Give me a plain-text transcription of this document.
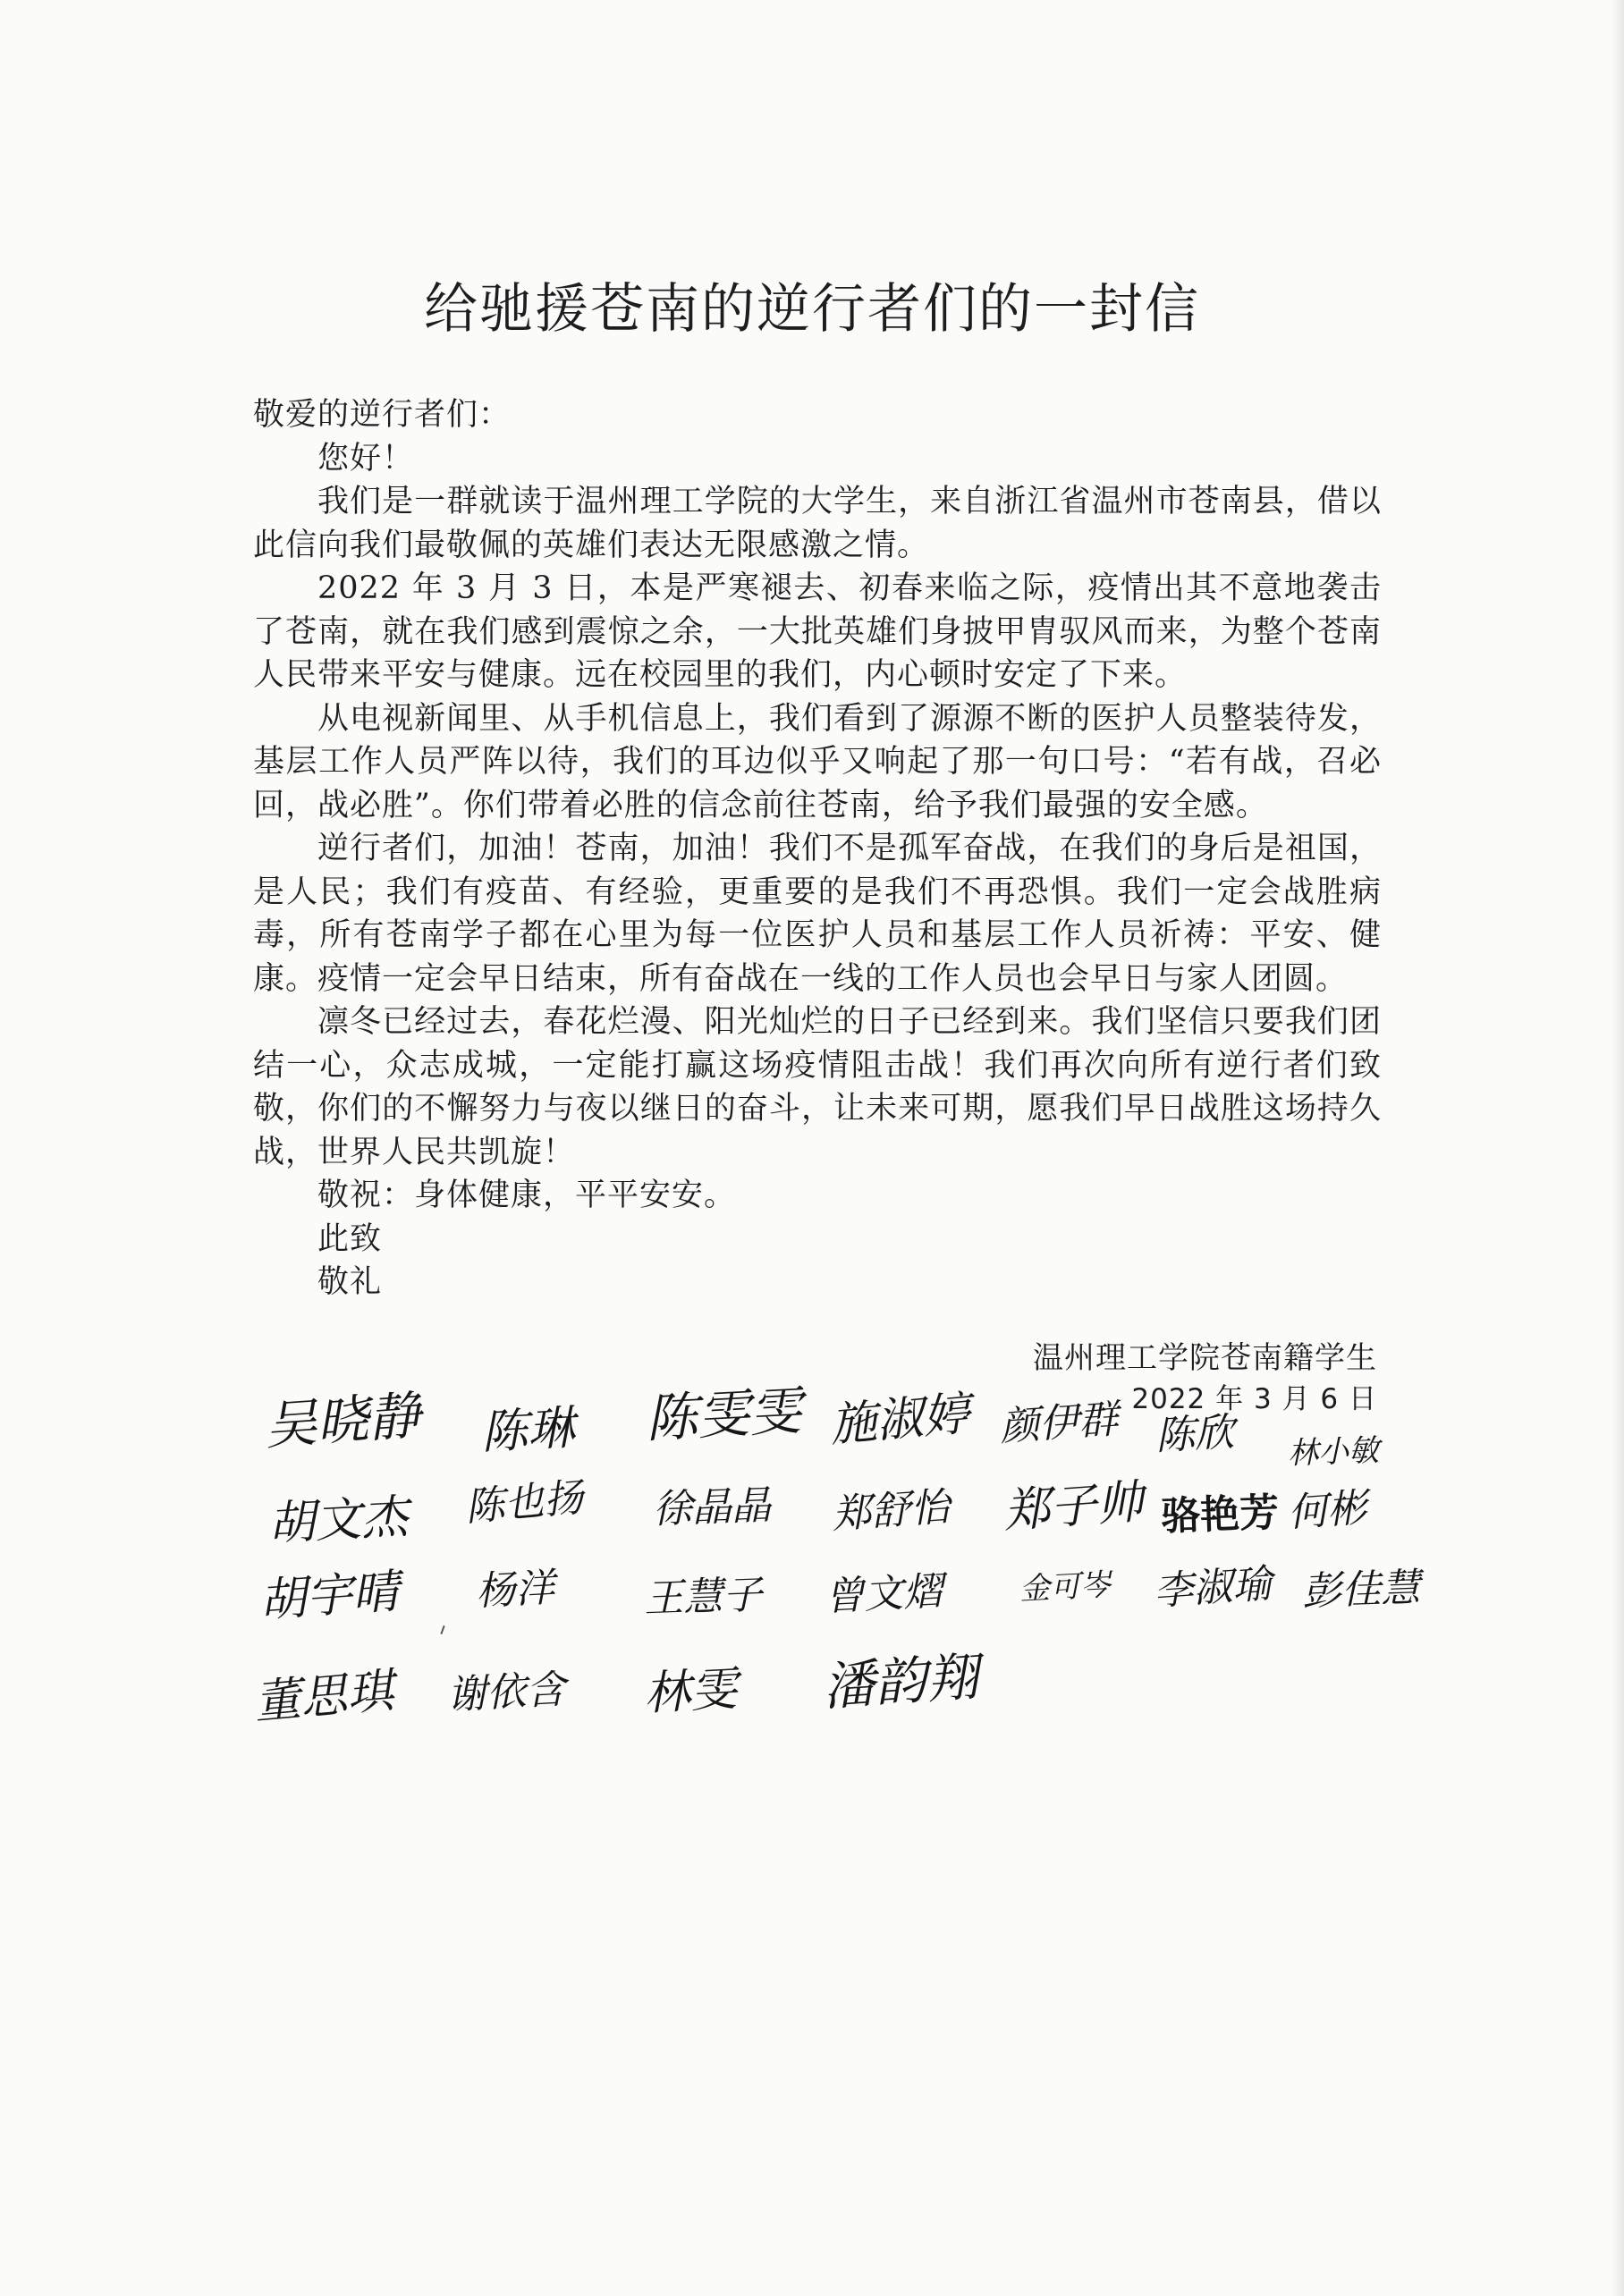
给驰援苍南的逆行者们的一封信

敬爱的逆行者们：

您好！

我们是一群就读于温州理工学院的大学生，来自浙江省温州市苍南县，借以此信向我们最敬佩的英雄们表达无限感激之情。

2022 年 3 月 3 日，本是严寒褪去、初春来临之际，疫情出其不意地袭击了苍南，就在我们感到震惊之余，一大批英雄们身披甲胄驭风而来，为整个苍南人民带来平安与健康。远在校园里的我们，内心顿时安定了下来。

从电视新闻里、从手机信息上，我们看到了源源不断的医护人员整装待发，基层工作人员严阵以待，我们的耳边似乎又响起了那一句口号：“若有战，召必回，战必胜”。你们带着必胜的信念前往苍南，给予我们最强的安全感。

逆行者们，加油！苍南，加油！我们不是孤军奋战，在我们的身后是祖国，是人民；我们有疫苗、有经验，更重要的是我们不再恐惧。我们一定会战胜病毒，所有苍南学子都在心里为每一位医护人员和基层工作人员祈祷：平安、健康。疫情一定会早日结束，所有奋战在一线的工作人员也会早日与家人团圆。

凛冬已经过去，春花烂漫、阳光灿烂的日子已经到来。我们坚信只要我们团结一心，众志成城，一定能打赢这场疫情阻击战！我们再次向所有逆行者们致敬，你们的不懈努力与夜以继日的奋斗，让未来可期，愿我们早日战胜这场持久战，世界人民共凯旋！

敬祝：身体健康，平平安安。

此致

敬礼

温州理工学院苍南籍学生
2022 年 3 月 6 日
吴晓静 陈琳 陈雯雯 施淑婷 颜伊群 陈欣 林小敏
胡文杰 陈也扬 徐晶晶 郑舒怡 郑子帅 骆艳芳 何彬
胡宇晴 杨洋 王慧子 曾文熠 金可岑 李淑瑜 彭佳慧
董思琪 谢依含 林雯 潘韵翔
